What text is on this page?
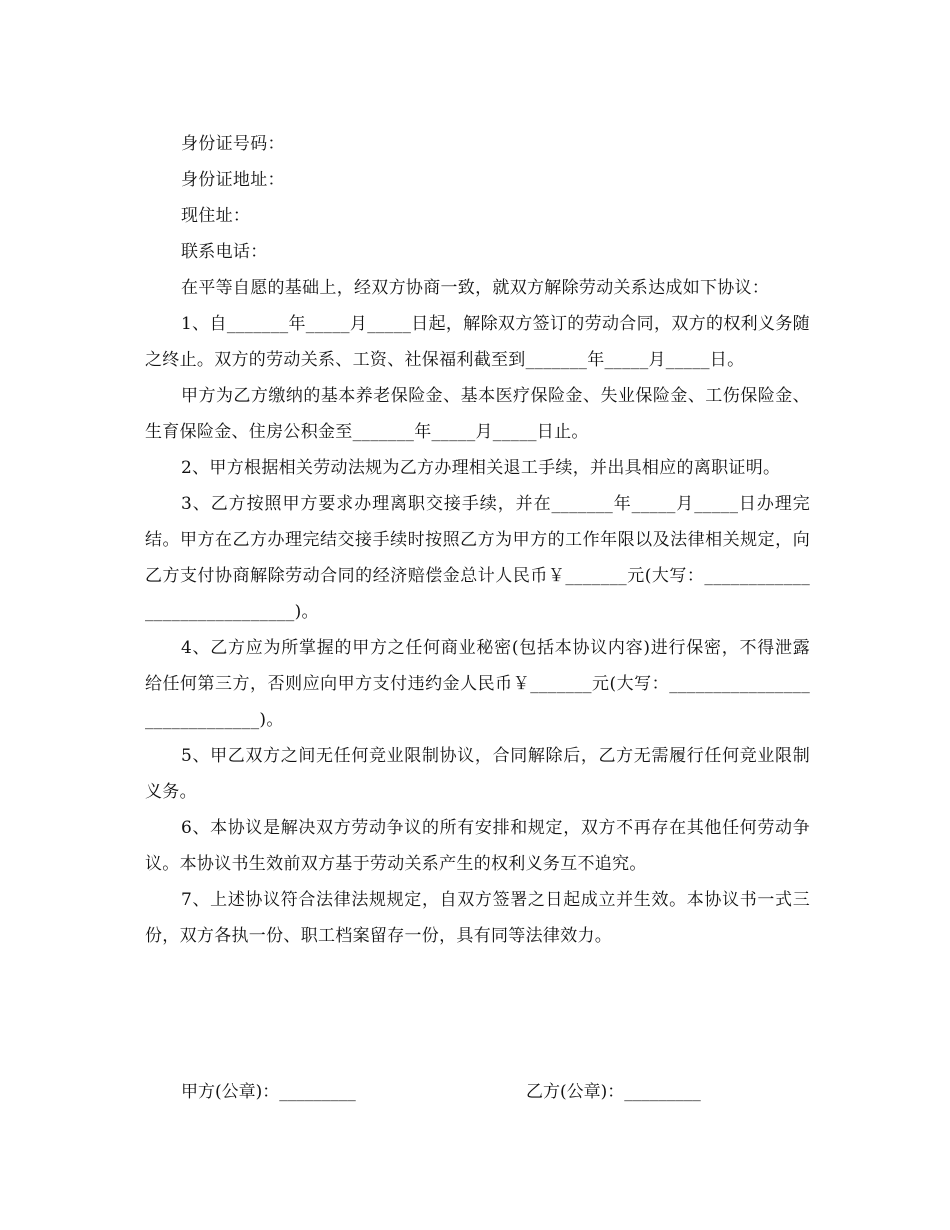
身份证号码：

身份证地址：

现住址：

联系电话：

在平等自愿的基础上，经双方协商一致，就双方解除劳动关系达成如下协议：

1、自_______年_____月_____日起，解除双方签订的劳动合同，双方的权利义务随之终止。双方的劳动关系、工资、社保福利截至到_______年_____月_____日。

甲方为乙方缴纳的基本养老保险金、基本医疗保险金、失业保险金、工伤保险金、生育保险金、住房公积金至_______年_____月_____日止。

2、甲方根据相关劳动法规为乙方办理相关退工手续，并出具相应的离职证明。

3、乙方按照甲方要求办理离职交接手续，并在_______年_____月_____日办理完结。甲方在乙方办理完结交接手续时按照乙方为甲方的工作年限以及法律相关规定，向乙方支付协商解除劳动合同的经济赔偿金总计人民币￥_______元(大写：_____________________________)。

4、乙方应为所掌握的甲方之任何商业秘密(包括本协议内容)进行保密，不得泄露给任何第三方，否则应向甲方支付违约金人民币￥_______元(大写：_____________________________)。

5、甲乙双方之间无任何竞业限制协议，合同解除后，乙方无需履行任何竞业限制义务。

6、本协议是解决双方劳动争议的所有安排和规定，双方不再存在其他任何劳动争议。本协议书生效前双方基于劳动关系产生的权利义务互不追究。

7、上述协议符合法律法规规定，自双方签署之日起成立并生效。本协议书一式三份，双方各执一份、职工档案留存一份，具有同等法律效力。

甲方(公章)：_________	乙方(公章)：_________
